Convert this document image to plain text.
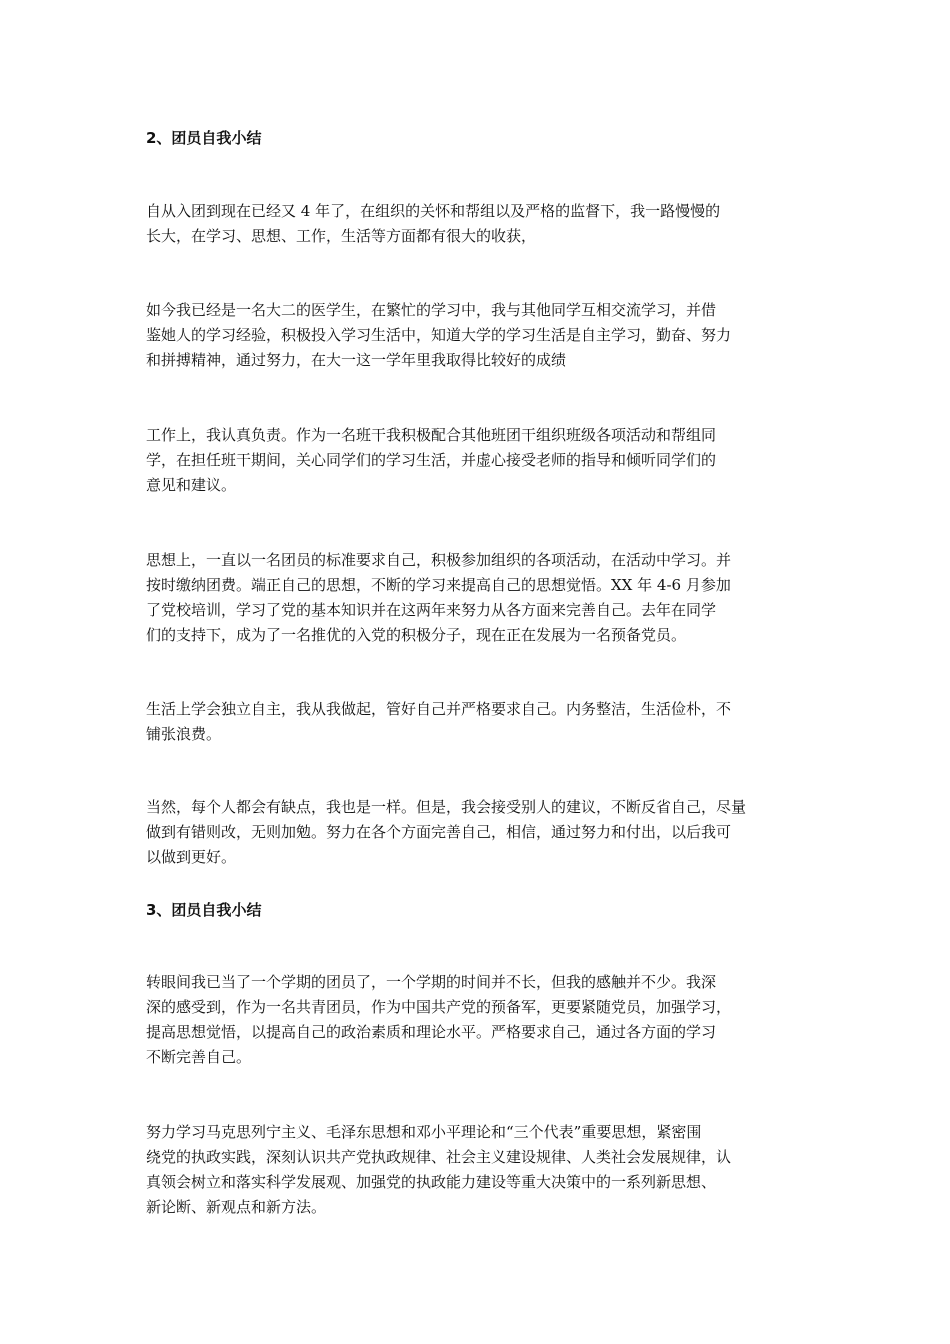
2、团员自我小结
自从入团到现在已经又 4 年了，在组织的关怀和帮组以及严格的监督下，我一路慢慢的
长大，在学习、思想、工作，生活等方面都有很大的收获，
如今我已经是一名大二的医学生，在繁忙的学习中，我与其他同学互相交流学习，并借
鉴她人的学习经验，积极投入学习生活中，知道大学的学习生活是自主学习，勤奋、努力
和拼搏精神，通过努力，在大一这一学年里我取得比较好的成绩
工作上，我认真负责。作为一名班干我积极配合其他班团干组织班级各项活动和帮组同
学，在担任班干期间，关心同学们的学习生活，并虚心接受老师的指导和倾听同学们的
意见和建议。
思想上，一直以一名团员的标准要求自己，积极参加组织的各项活动，在活动中学习。并
按时缴纳团费。端正自己的思想，不断的学习来提高自己的思想觉悟。XX 年 4-6 月参加
了党校培训，学习了党的基本知识并在这两年来努力从各方面来完善自己。去年在同学
们的支持下，成为了一名推优的入党的积极分子，现在正在发展为一名预备党员。
生活上学会独立自主，我从我做起，管好自己并严格要求自己。内务整洁，生活俭朴，不
铺张浪费。
当然，每个人都会有缺点，我也是一样。但是，我会接受别人的建议，不断反省自己，尽量
做到有错则改，无则加勉。努力在各个方面完善自己，相信，通过努力和付出，以后我可
以做到更好。
3、团员自我小结
转眼间我已当了一个学期的团员了，一个学期的时间并不长，但我的感触并不少。我深
深的感受到，作为一名共青团员，作为中国共产党的预备军，更要紧随党员，加强学习，
提高思想觉悟，以提高自己的政治素质和理论水平。严格要求自己，通过各方面的学习
不断完善自己。
努力学习马克思列宁主义、毛泽东思想和邓小平理论和“三个代表”重要思想，紧密围
绕党的执政实践，深刻认识共产党执政规律、社会主义建设规律、人类社会发展规律，认
真领会树立和落实科学发展观、加强党的执政能力建设等重大决策中的一系列新思想、
新论断、新观点和新方法。
